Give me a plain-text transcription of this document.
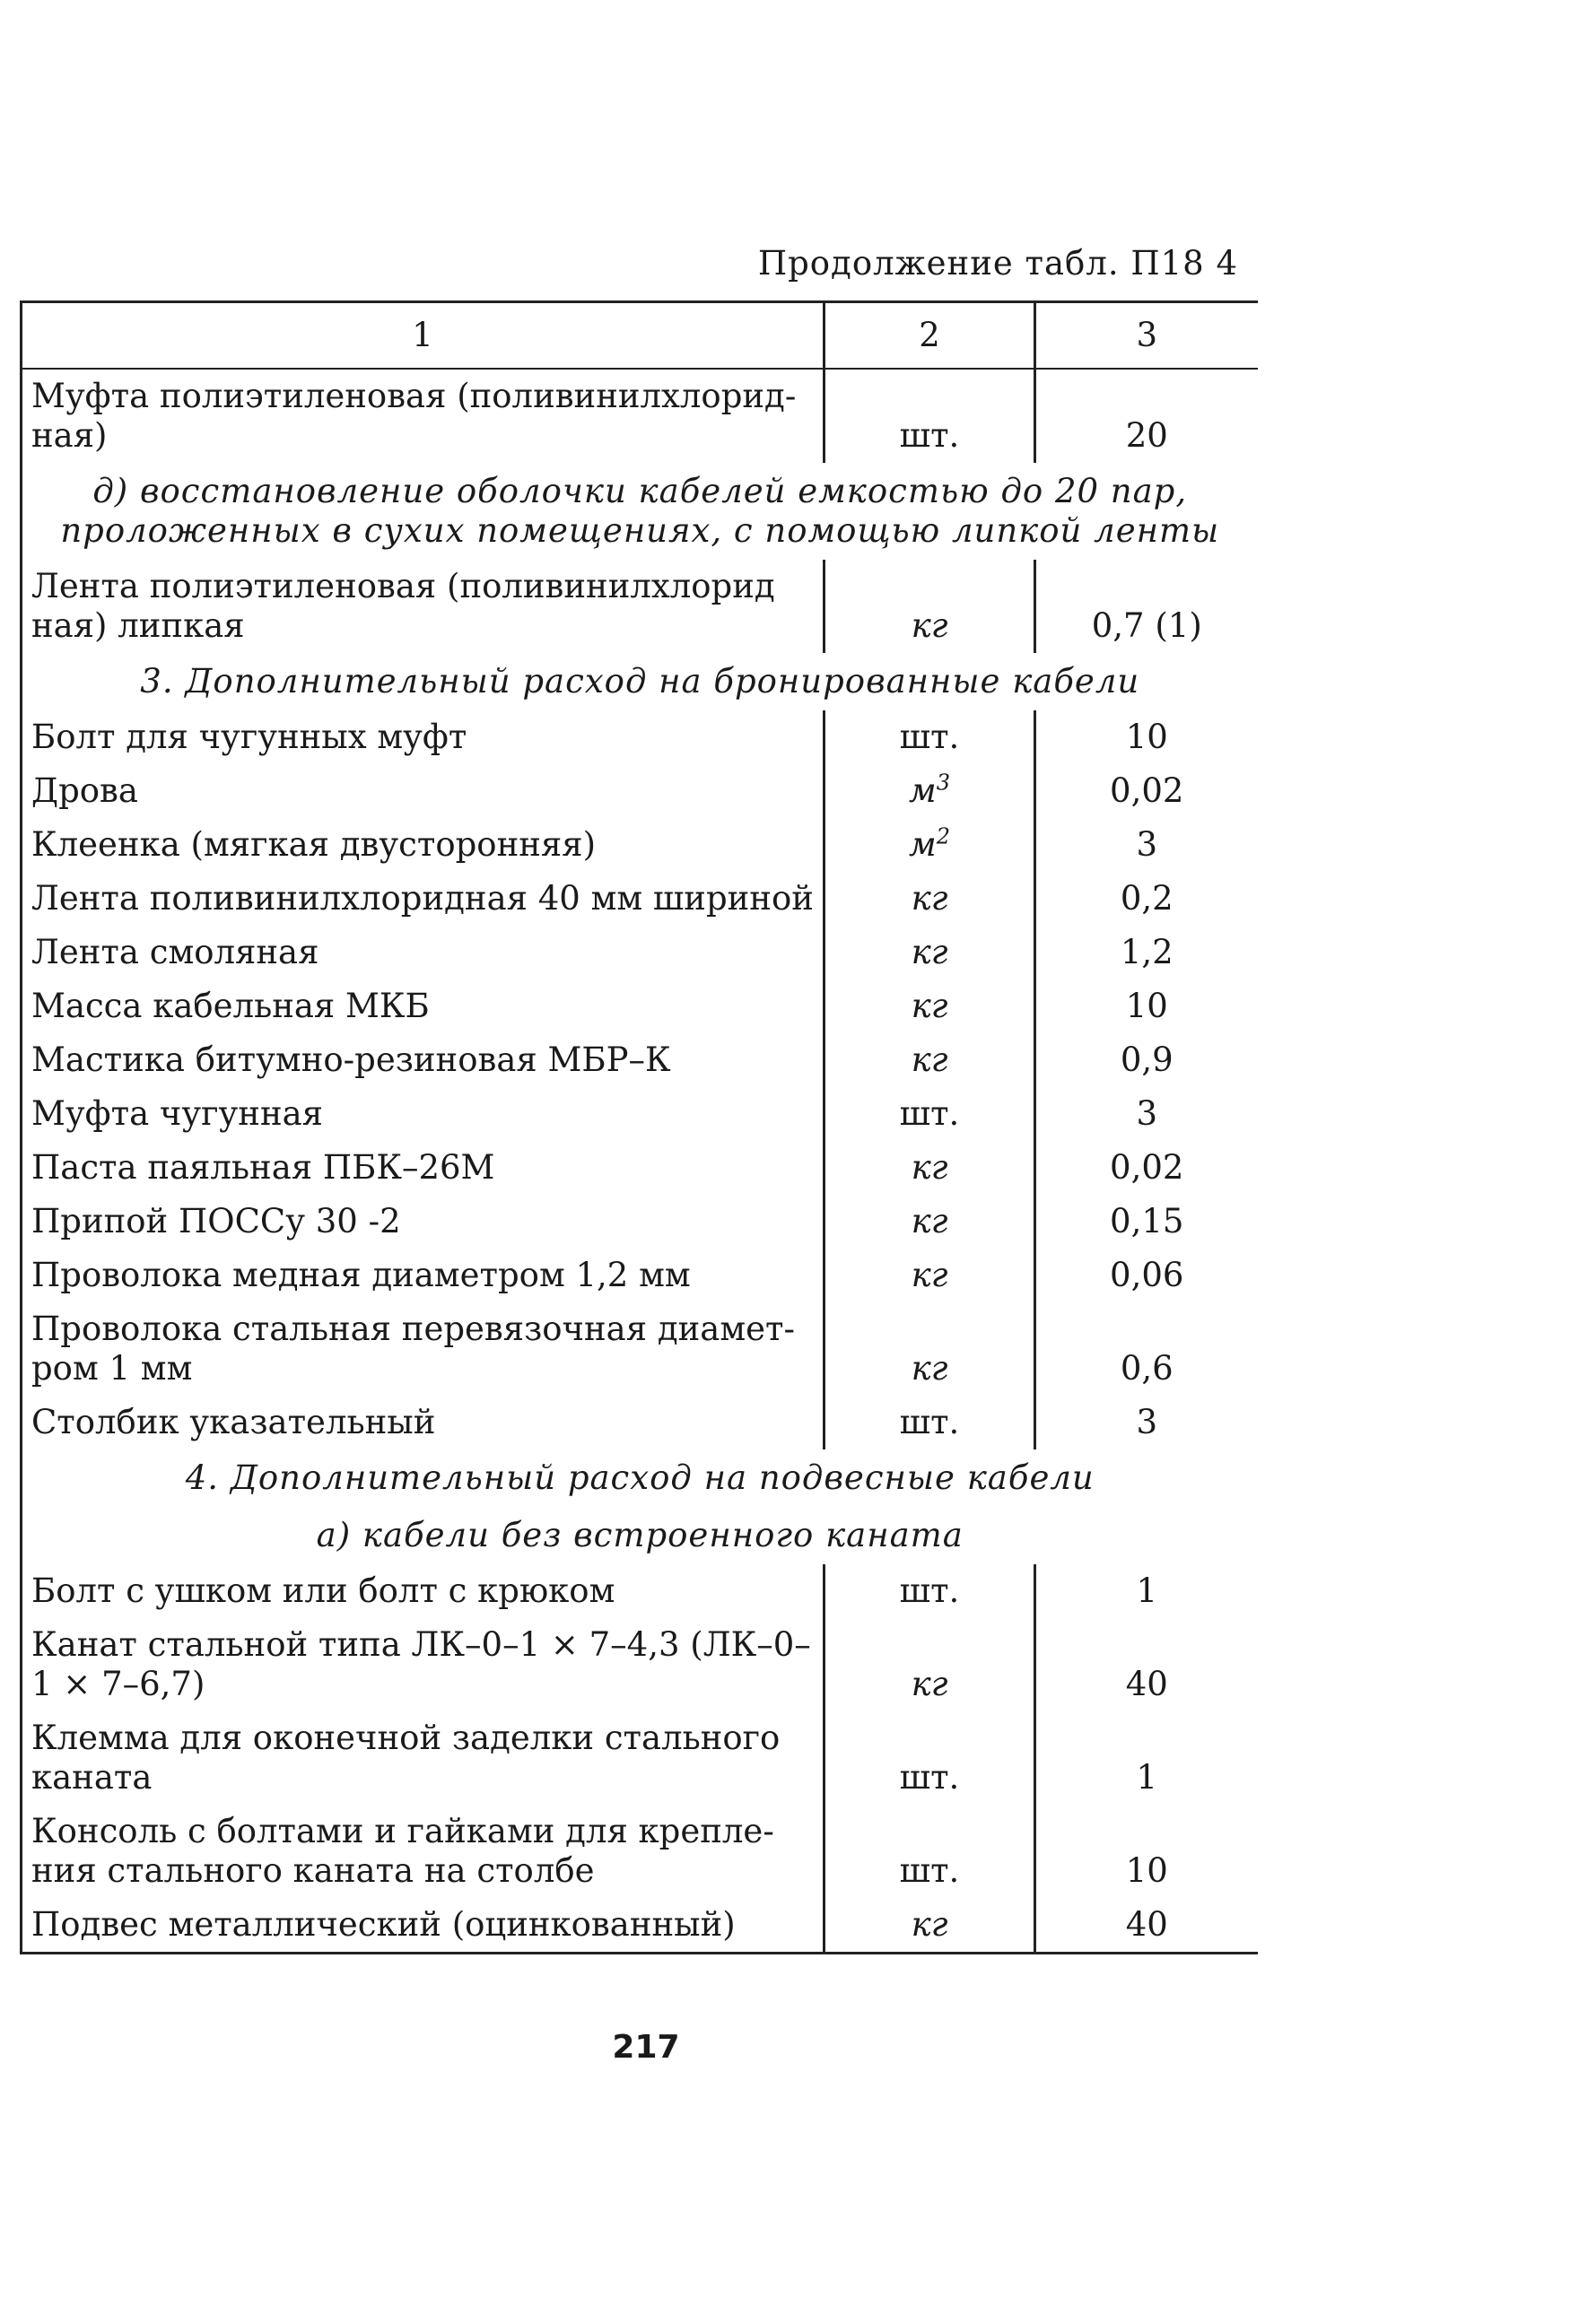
Продолжение табл. П18 4
1	2	3
Муфта полиэтиленовая (поливинилхлорид-ная)	шт.	20
д) восстановление оболочки кабелей емкостью до 20 пар, проложенных в сухих помещениях, с помощью липкой ленты		
Лента полиэтиленовая (поливинилхлорид ная) липкая	кг	0,7 (1)
3. Дополнительный расход на бронированные кабели		
Болт для чугунных муфт	шт.	10
Дрова	$м^3$	0,02
Клеенка (мягкая двусторонняя)	$м^2$	3
Лента поливинилхлоридная 40 мм шириной	кг	0,2
Лента смоляная	кг	1,2
Масса кабельная МКБ	кг	10
Мастика битумно-резиновая МБР–К	кг	0,9
Муфта чугунная	шт.	3
Паста паяльная ПБК–26М	кг	0,02
Припой ПОССу 30 -2	кг	0,15
Проволока медная диаметром 1,2 мм	кг	0,06
Проволока стальная перевязочная диамет-ром 1 мм	кг	0,6
Столбик указательный	шт.	3
4. Дополнительный расход на подвесные кабели		
а) кабели без встроенного каната		
Болт с ушком или болт с крюком	шт.	1
Канат стальной типа ЛК–0–1 × 7–4,3 (ЛК–0–1 × 7–6,7)	кг	40
Клемма для оконечной заделки стального каната	шт.	1
Консоль с болтами и гайками для крепле-ния стального каната на столбе	шт.	10
Подвес металлический (оцинкованный)	кг	40
217
